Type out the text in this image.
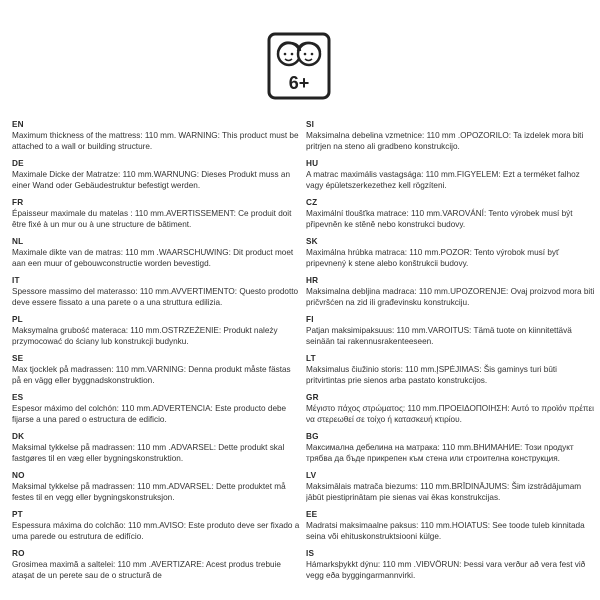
6+
EN
Maximum thickness of the mattress: 110 mm. WARNING: This product must be attached to a wall or building structure.
DE
Maximale Dicke der Matratze: 110 mm.WARNUNG: Dieses Produkt muss an einer Wand oder Gebäudestruktur befestigt werden.
FR
Épaisseur maximale du matelas : 110 mm.AVERTISSEMENT: Ce produit doit être fixé à un mur ou à une structure de bâtiment.
NL
Maximale dikte van de matras: 110 mm .WAARSCHUWING: Dit product moet aan een muur of gebouwconstructie worden bevestigd.
IT
Spessore massimo del materasso: 110 mm.AVVERTIMENTO: Questo prodotto deve essere fissato a una parete o a una struttura edilizia.
PL
Maksymalna grubość materaca: 110 mm.OSTRZEŻENIE: Produkt należy przymocować do ściany lub konstrukcji budynku.
SE
Max tjocklek på madrassen: 110 mm.VARNING: Denna produkt måste fästas på en vägg eller byggnadskonstruktion.
ES
Espesor máximo del colchón: 110 mm.ADVERTENCIA: Este producto debe fijarse a una pared o estructura de edificio.
DK
Maksimal tykkelse på madrassen: 110 mm .ADVARSEL: Dette produkt skal fastgøres til en væg eller bygningskonstruktion.
NO
Maksimal tykkelse på madrassen: 110 mm.ADVARSEL: Dette produktet må festes til en vegg eller bygningskonstruksjon.
PT
Espessura máxima do colchão: 110 mm.AVISO: Este produto deve ser fixado a uma parede ou estrutura de edifício.
RO
Grosimea maximă a saltelei: 110 mm .AVERTIZARE: Acest produs trebuie atașat de un perete sau de o structură de
SI
Maksimalna debelina vzmetnice: 110 mm .OPOZORILO: Ta izdelek mora biti pritrjen na steno ali gradbeno konstrukcijo.
HU
A matrac maximális vastagsága: 110 mm.FIGYELEM: Ezt a terméket falhoz vagy épületszerkezethez kell rögzíteni.
CZ
Maximální tloušťka matrace: 110 mm.VAROVÁNÍ: Tento výrobek musí být připevněn ke stěně nebo konstrukci budovy.
SK
Maximálna hrúbka matraca: 110 mm.POZOR: Tento výrobok musí byť pripevnený k stene alebo konštrukcii budovy.
HR
Maksimalna debljina madraca: 110 mm.UPOZORENJE: Ovaj proizvod mora biti pričvršćen na zid ili građevinsku konstrukciju.
FI
Patjan maksimipaksuus: 110 mm.VAROITUS: Tämä tuote on kiinnitettävä seinään tai rakennusrakenteeseen.
LT
Maksimalus čiužinio storis: 110 mm.ĮSPĖJIMAS: Šis gaminys turi būti pritvirtintas prie sienos arba pastato konstrukcijos.
GR
Μέγιστο πάχος στρώματος: 110 mm.ΠΡΟΕΙΔΟΠΟΙΗΣΗ: Αυτό το προϊόν πρέπει να στερεωθεί σε τοίχο ή κατασκευή κτιρίου.
BG
Максимална дебелина на матрака: 110 mm.ВНИМАНИЕ: Този продукт трябва да бъде прикрепен към стена или строителна конструкция.
LV
Maksimālais matrača biezums: 110 mm.BRĪDINĀJUMS: Šim izstrādājumam jābūt piestiprinātam pie sienas vai ēkas konstrukcijas.
EE
Madratsi maksimaalne paksus: 110 mm.HOIATUS: See toode tuleb kinnitada seina või ehituskonstruktsiooni külge.
IS
Hámarksþykkt dýnu: 110 mm .VIÐVÖRUN: Þessi vara verður að vera fest við vegg eða byggingarmannvirki.
